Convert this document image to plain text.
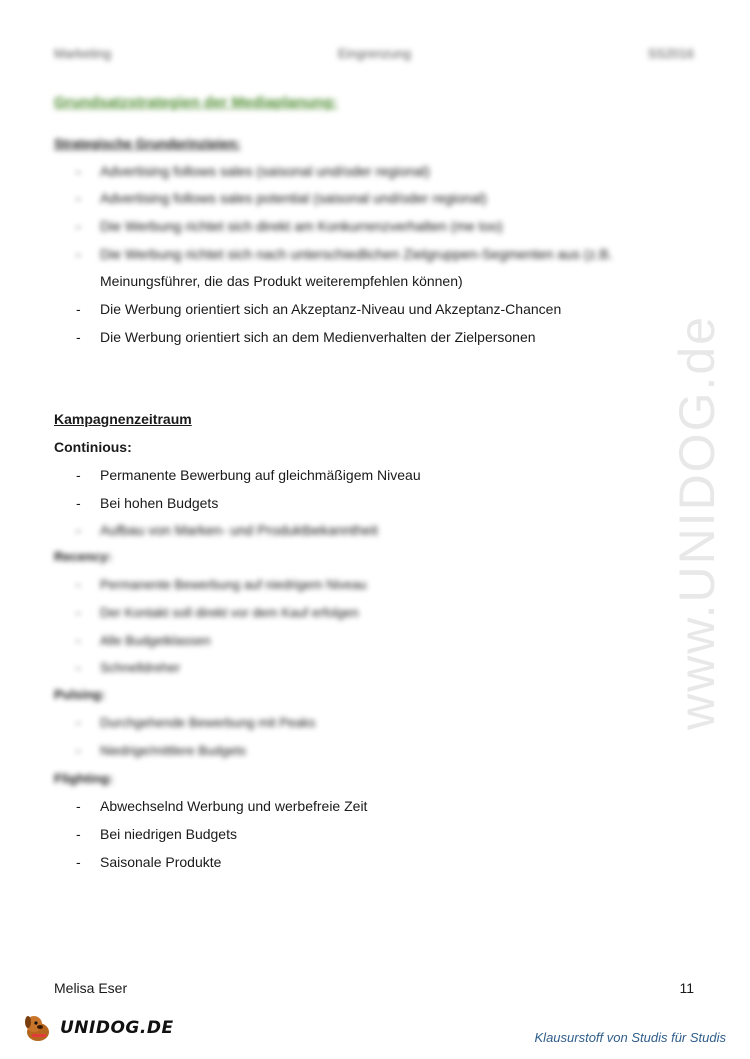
Marketing	Eingrenzung	SS2016
Grundsatzstrategien der Mediaplanung:
Strategische Grundprinzipien:
- Advertising follows sales (saisonal und/oder regional)
- Advertising follows sales potential (saisonal und/oder regional)
- Die Werbung richtet sich direkt am Konkurrenzverhalten (me too)
- Die Werbung richtet sich nach unterschiedlichen Zielgruppen-Segmenten aus (z.B.
Meinungsführer, die das Produkt weiterempfehlen können)
- Die Werbung orientiert sich an Akzeptanz-Niveau und Akzeptanz-Chancen
- Die Werbung orientiert sich an dem Medienverhalten der Zielpersonen
Kampagnenzeitraum
Continious:
- Permanente Bewerbung auf gleichmäßigem Niveau
- Bei hohen Budgets
- Aufbau von Marken- und Produktbekanntheit
Recency:
- Permanente Bewerbung auf niedrigem Niveau
- Der Kontakt soll direkt vor dem Kauf erfolgen
- Alle Budgetklassen
- Schnelldreher
Pulsing:
- Durchgehende Bewerbung mit Peaks
- Niedrige/mittlere Budgets
Flighting:
- Abwechselnd Werbung und werbefreie Zeit
- Bei niedrigen Budgets
- Saisonale Produkte
www.UNIDOG.de
Melisa Eser	11
UNIDOG.DE	Klausurstoff von Studis für Studis
